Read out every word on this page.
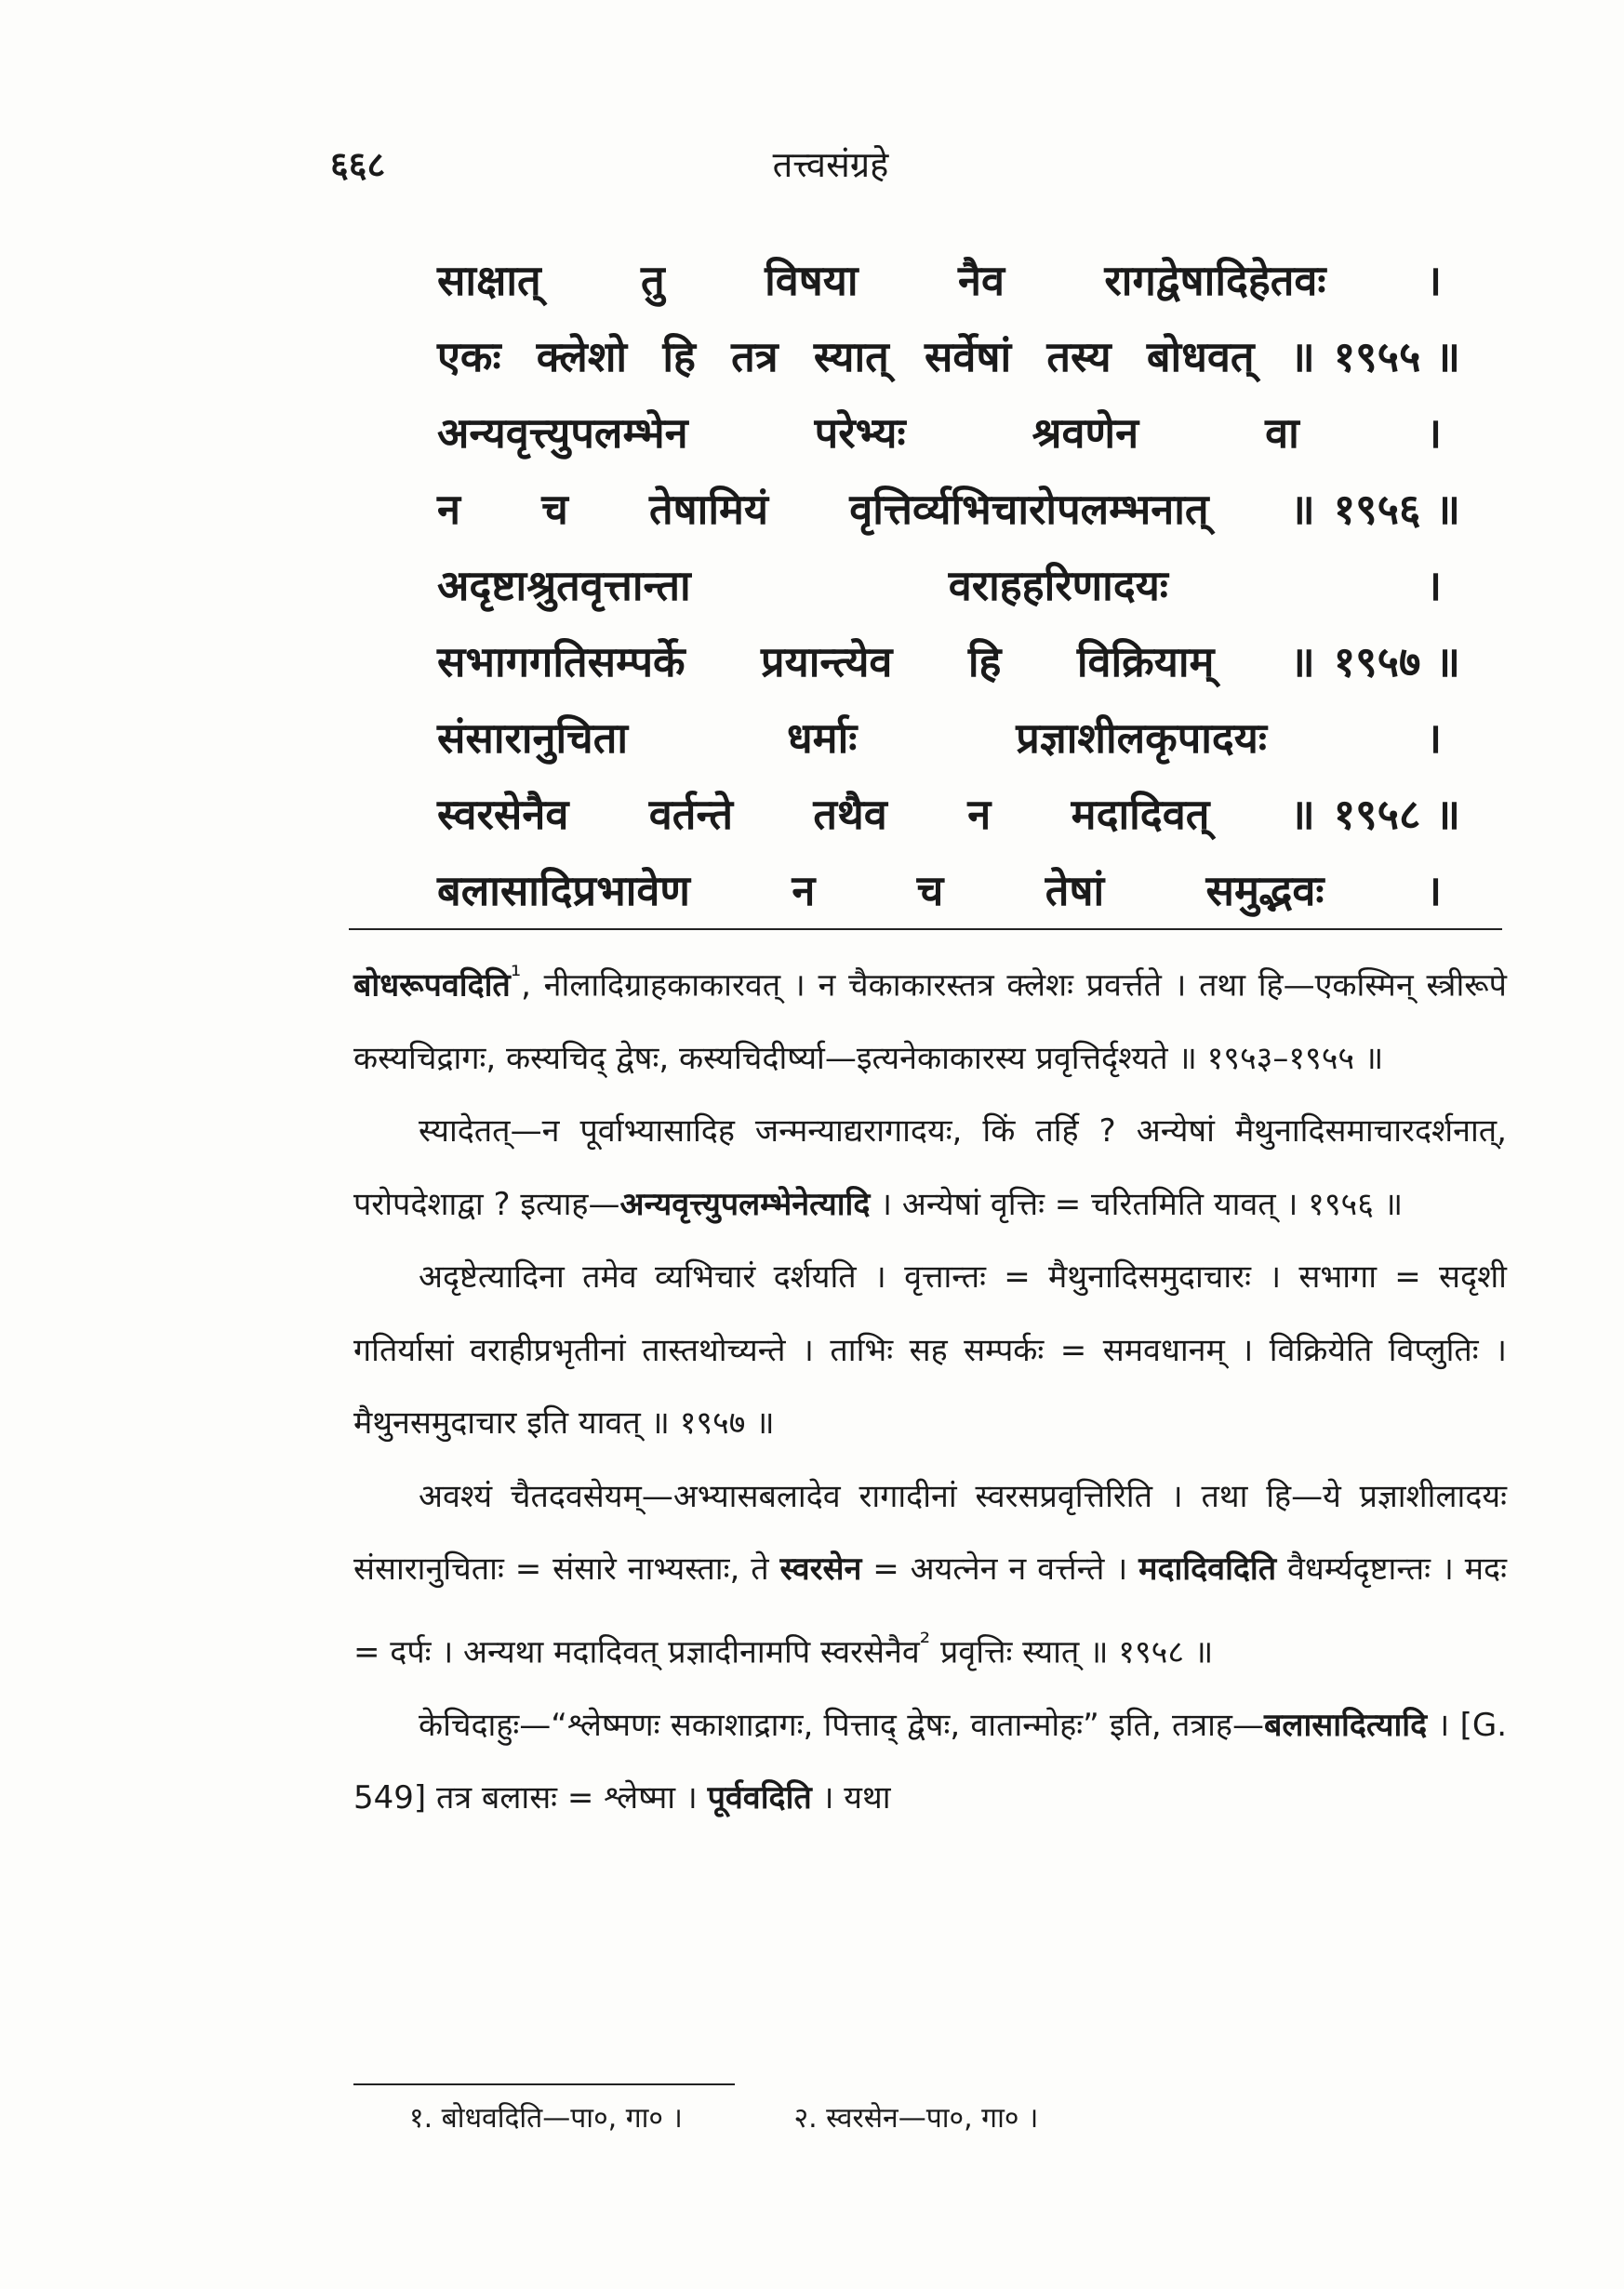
६६८	तत्त्वसंग्रहे
साक्षात् तु विषया नैव रागद्वेषादिहेतवः ।
एकः क्लेशो हि तत्र स्यात् सर्वेषां तस्य बोधवत् ॥ १९५५ ॥
अन्यवृत्त्युपलम्भेन परेभ्यः श्रवणेन वा ।
न च तेषामियं वृत्तिर्व्यभिचारोपलम्भनात् ॥ १९५६ ॥
अदृष्टाश्रुतवृत्तान्ता वराहहरिणादयः ।
सभागगतिसम्पर्के प्रयान्त्येव हि विक्रियाम् ॥ १९५७ ॥
संसारानुचिता धर्माः प्रज्ञाशीलकृपादयः ।
स्वरसेनैव वर्तन्ते तथैव न मदादिवत् ॥ १९५८ ॥
बलासादिप्रभावेण न च तेषां समुद्भवः ।

बोधरूपवदिति$^{^1}$, नीलादिग्राहकाकारवत् । न चैकाकारस्तत्र क्लेशः प्रवर्त्तते । तथा हि—एकस्मिन् स्त्रीरूपे कस्यचिद्रागः, कस्यचिद् द्वेषः, कस्यचिदीर्ष्या—इत्यनेकाकारस्य प्रवृत्तिर्दृश्यते ॥ १९५३–१९५५ ॥

स्यादेतत्—न पूर्वाभ्यासादिह जन्मन्याद्यरागादयः, किं तर्हि ? अन्येषां मैथुनादिसमाचारदर्शनात्, परोपदेशाद्वा ? इत्याह—अन्यवृत्त्युपलम्भेनेत्यादि । अन्येषां वृत्तिः = चरितमिति यावत् । १९५६ ॥

अदृष्टेत्यादिना तमेव व्यभिचारं दर्शयति । वृत्तान्तः = मैथुनादिसमुदाचारः । सभागा = सदृशी गतिर्यासां वराहीप्रभृतीनां तास्तथोच्यन्ते । ताभिः सह सम्पर्कः = समवधानम् । विक्रियेति विप्लुतिः । मैथुनसमुदाचार इति यावत् ॥ १९५७ ॥

अवश्यं चैतदवसेयम्—अभ्यासबलादेव रागादीनां स्वरसप्रवृत्तिरिति । तथा हि—ये प्रज्ञाशीलादयः संसारानुचिताः = संसारे नाभ्यस्ताः, ते स्वरसेन = अयत्नेन न वर्त्तन्ते । मदादिवदिति वैधर्म्यदृष्टान्तः । मदः = दर्पः । अन्यथा मदादिवत् प्रज्ञादीनामपि स्वरसेनैव$^{^2}$ प्रवृत्तिः स्यात् ॥ १९५८ ॥

केचिदाहुः—“श्लेष्मणः सकाशाद्रागः, पित्ताद् द्वेषः, वातान्मोहः” इति, तत्राह—बलासादित्यादि । [G. 549] तत्र बलासः = श्लेष्मा । पूर्ववदिति । यथा

१. बोधवदिति—पा०, गा० ।	२. स्वरसेन—पा०, गा० ।
